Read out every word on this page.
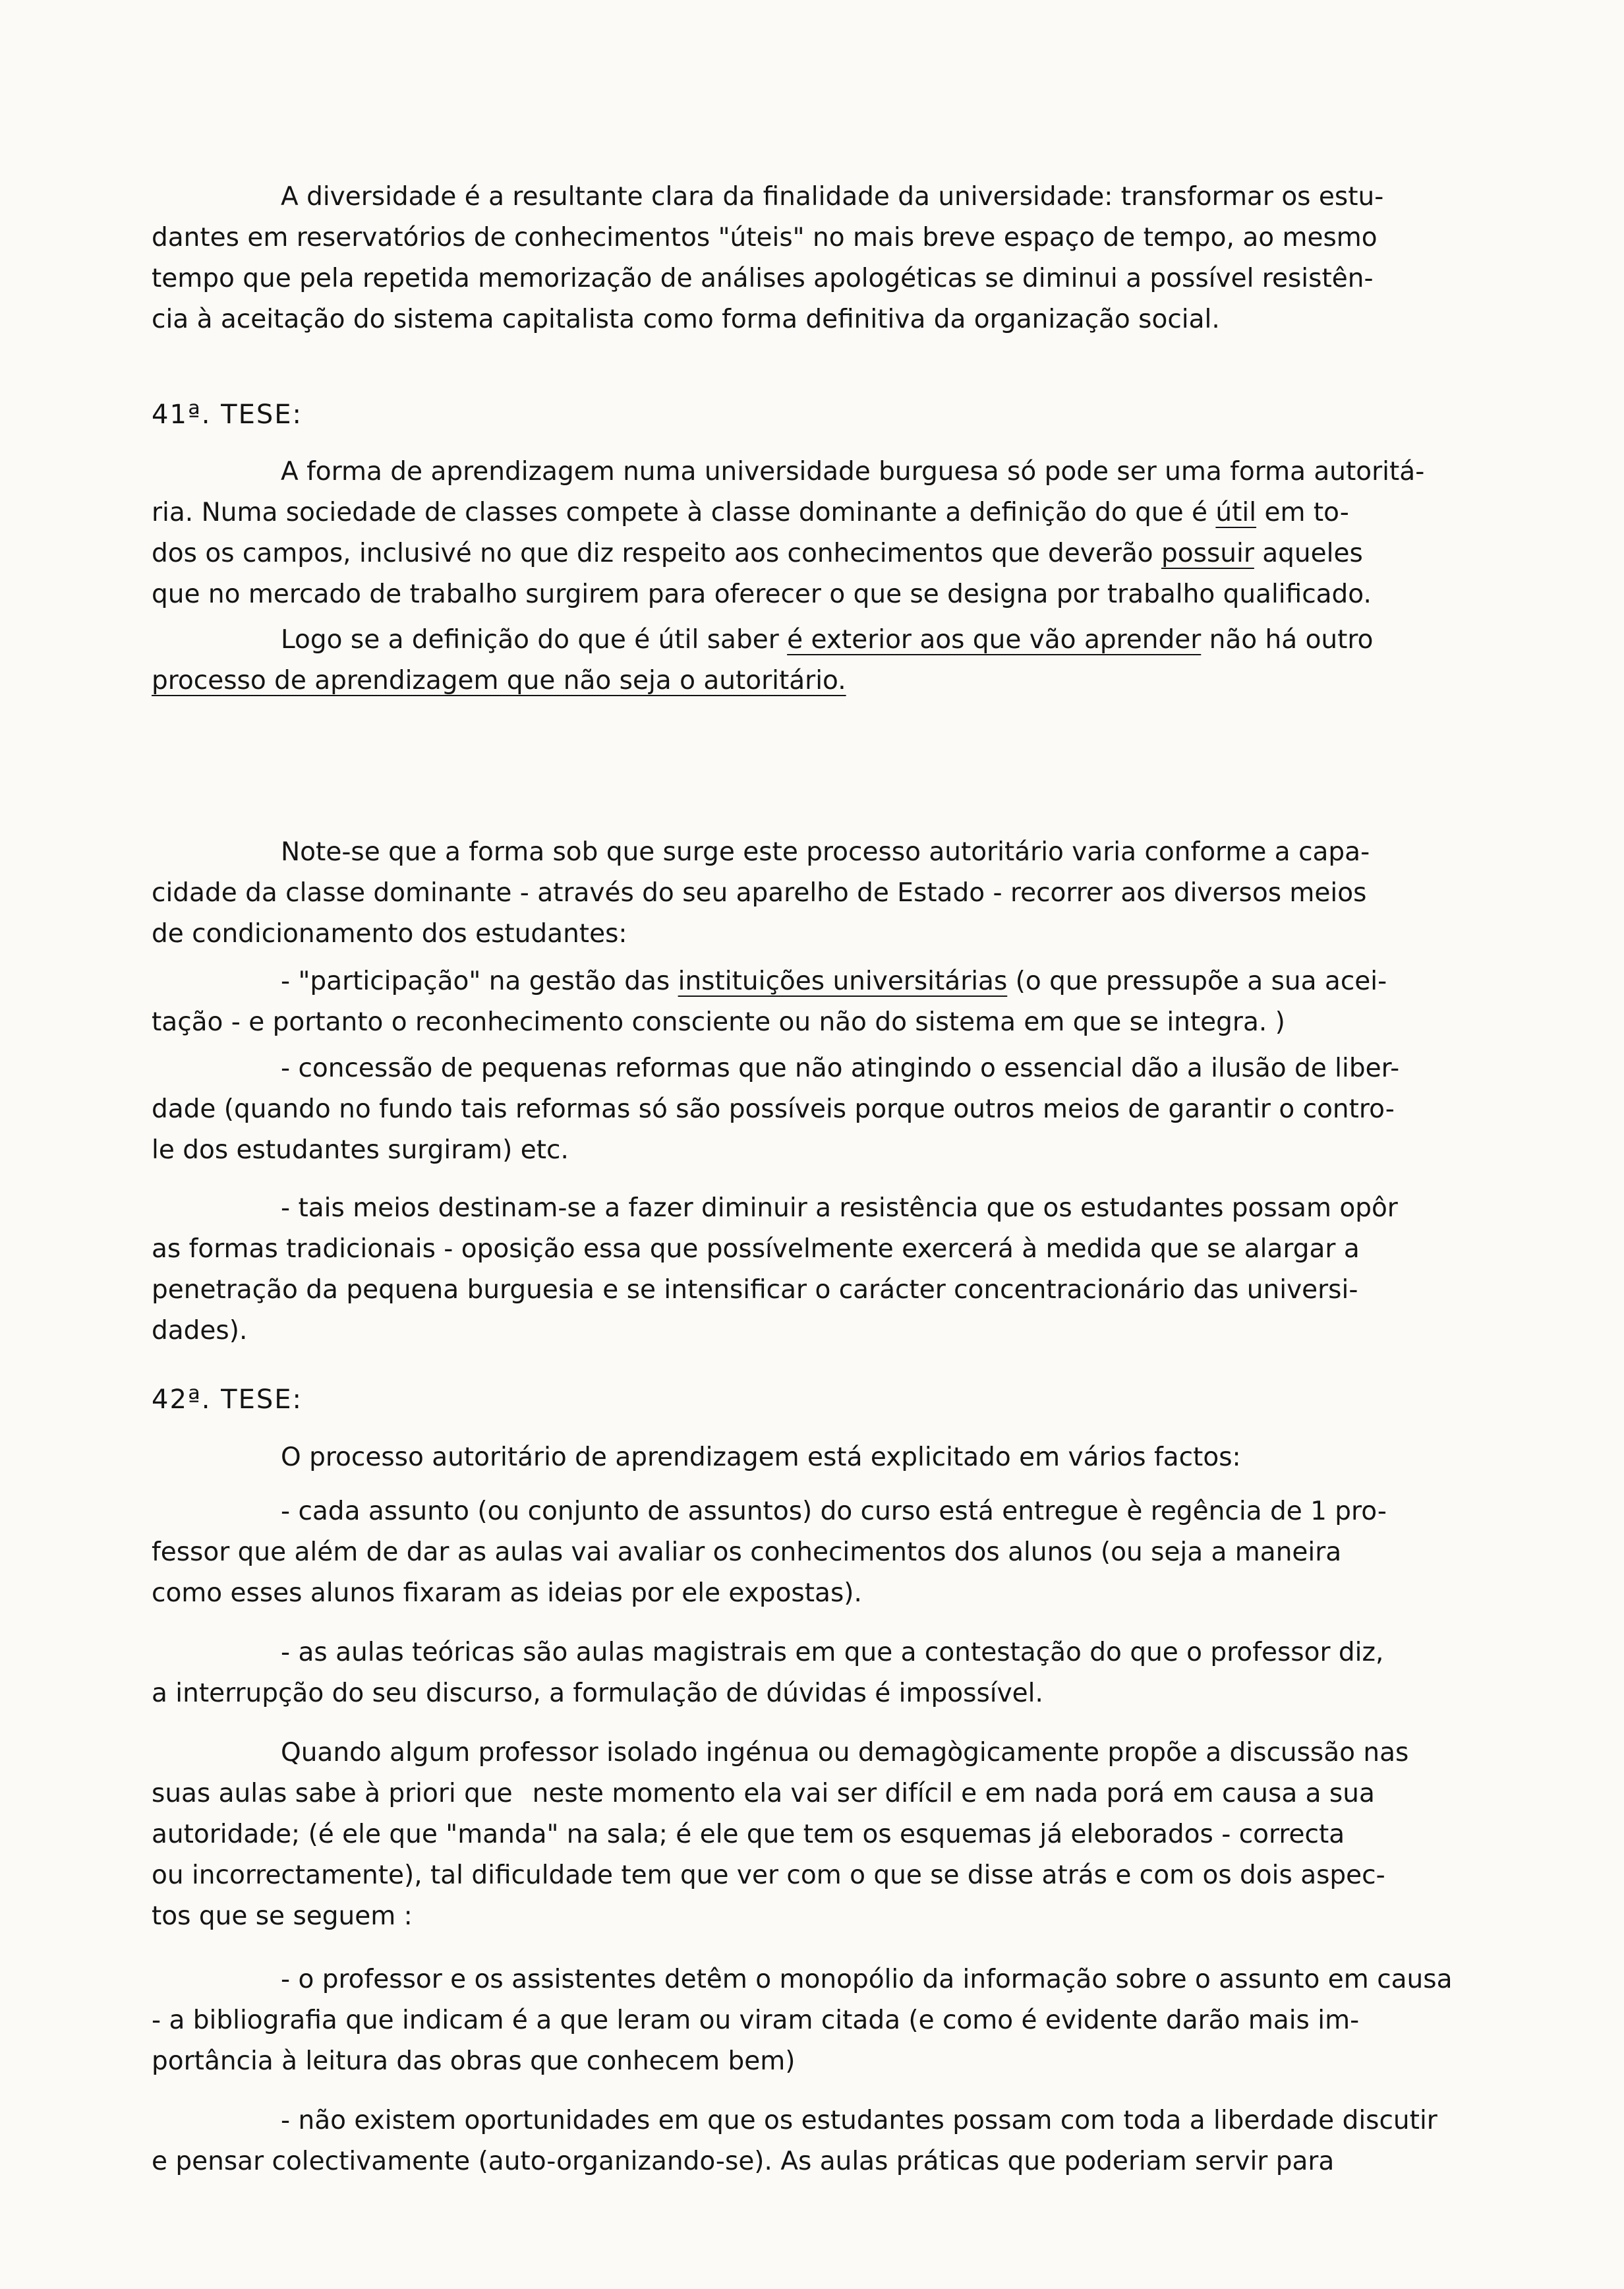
A diversidade é a resultante clara da finalidade da universidade: transformar os estu-
dantes em reservatórios de conhecimentos "úteis" no mais breve espaço de tempo, ao mesmo
tempo que pela repetida memorização de análises apologéticas se diminui a possível resistên-
cia à aceitação do sistema capitalista como forma definitiva da organização social.

41ª. TESE:

A forma de aprendizagem numa universidade burguesa só pode ser uma forma autoritá-
ria. Numa sociedade de classes compete à classe dominante a definição do que é útil em to-
dos os campos, inclusivé no que diz respeito aos conhecimentos que deverão possuir aqueles
que no mercado de trabalho surgirem para oferecer o que se designa por trabalho qualificado.

Logo se a definição do que é útil saber é exterior aos que vão aprender não há outro
processo de aprendizagem que não seja o autoritário.

Note-se que a forma sob que surge este processo autoritário varia conforme a capa-
cidade da classe dominante - através do seu aparelho de Estado - recorrer aos diversos meios
de condicionamento dos estudantes:

- "participação" na gestão das instituições universitárias (o que pressupõe a sua acei-
tação - e portanto o reconhecimento consciente ou não do sistema em que se integra. )

- concessão de pequenas reformas que não atingindo o essencial dão a ilusão de liber-
dade (quando no fundo tais reformas só são possíveis porque outros meios de garantir o contro-
le dos estudantes surgiram) etc.

- tais meios destinam-se a fazer diminuir a resistência que os estudantes possam opôr
as formas tradicionais - oposição essa que possívelmente exercerá à medida que se alargar a
penetração da pequena burguesia e se intensificar o carácter concentracionário das universi-
dades).

42ª. TESE:

O processo autoritário de aprendizagem está explicitado em vários factos:

- cada assunto (ou conjunto de assuntos) do curso está entregue è regência de 1 pro-
fessor que além de dar as aulas vai avaliar os conhecimentos dos alunos (ou seja a maneira
como esses alunos fixaram as ideias por ele expostas).

- as aulas teóricas são aulas magistrais em que a contestação do que o professor diz,
a interrupção do seu discurso, a formulação de dúvidas é impossível.

Quando algum professor isolado ingénua ou demagògicamente propõe a discussão nas
suas aulas sabe à priori que neste momento ela vai ser difícil e em nada porá em causa a sua
autoridade; (é ele que "manda" na sala; é ele que tem os esquemas já eleborados - correcta
ou incorrectamente), tal dificuldade tem que ver com o que se disse atrás e com os dois aspec-
tos que se seguem :

- o professor e os assistentes detêm o monopólio da informação sobre o assunto em causa
- a bibliografia que indicam é a que leram ou viram citada (e como é evidente darão mais im-
portância à leitura das obras que conhecem bem)

- não existem oportunidades em que os estudantes possam com toda a liberdade discutir
e pensar colectivamente (auto-organizando-se). As aulas práticas que poderiam servir para
